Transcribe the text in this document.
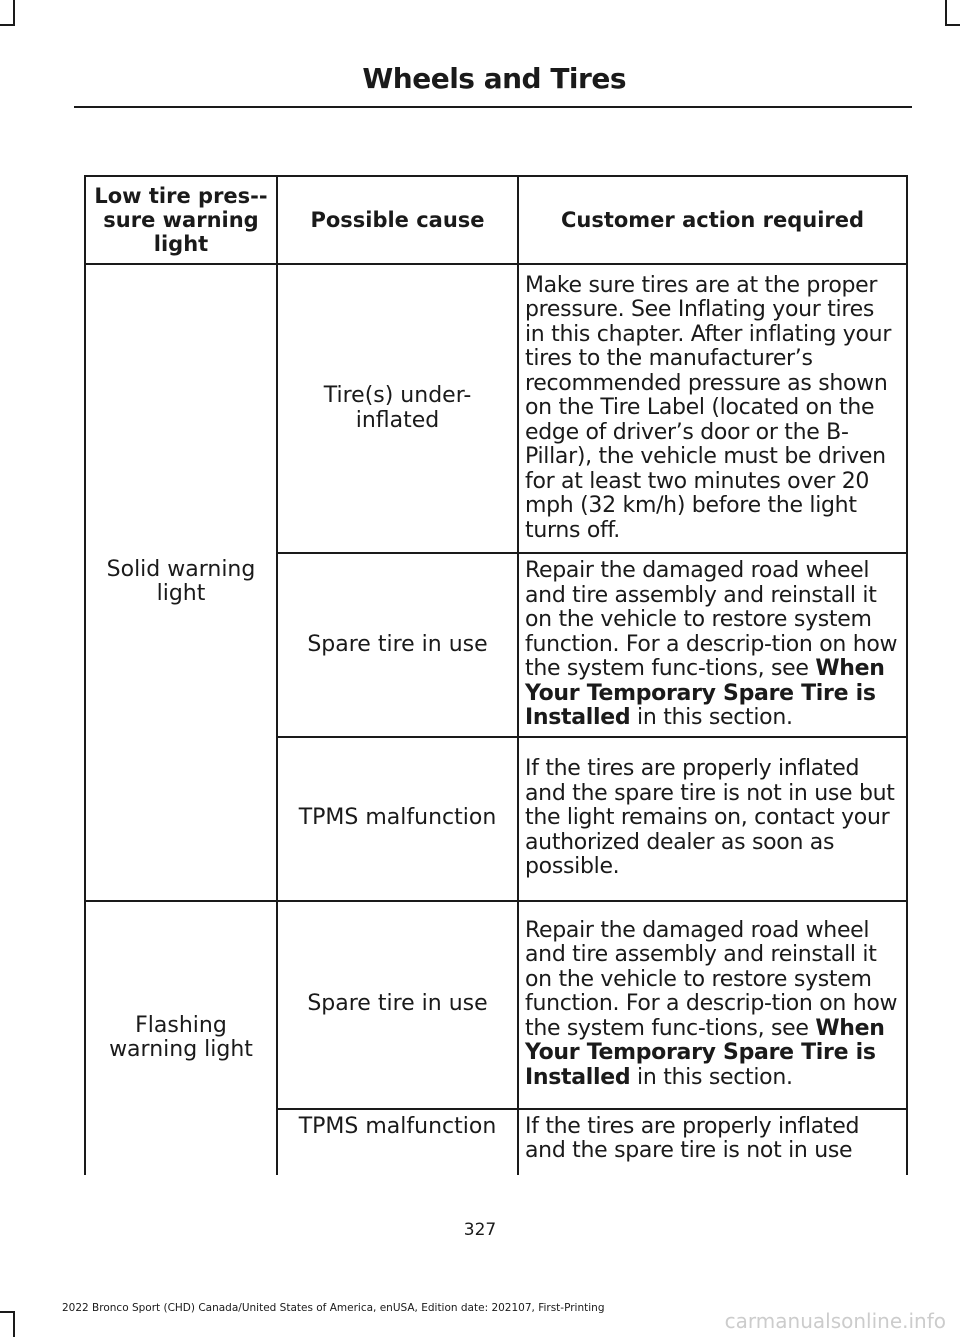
Wheels and Tires
Low tire pres-sure warning light	Possible cause	Customer action required
Solid warning light	Tire(s) under-inflated	Make sure tires are at the proper pressure. See Inflating your tires in this chapter. After inflating your tires to the manufacturer’s recommended pressure as shown on the Tire Label (located on the edge of driver’s door or the B-Pillar), the vehicle must be driven for at least two minutes over 20 mph (32 km/h) before the light turns off.
	Spare tire in use	Repair the damaged road wheel and tire assembly and reinstall it on the vehicle to restore system function. For a descrip-tion on how the system func-tions, see When Your Temporary Spare Tire is Installed in this section.
	TPMS malfunction	If the tires are properly inflated and the spare tire is not in use but the light remains on, contact your authorized dealer as soon as possible.
Flashing warning light	Spare tire in use	Repair the damaged road wheel and tire assembly and reinstall it on the vehicle to restore system function. For a descrip-tion on how the system func-tions, see When Your Temporary Spare Tire is Installed in this section.
	TPMS malfunction	If the tires are properly inflated and the spare tire is not in use
327
2022 Bronco Sport (CHD) Canada/United States of America, enUSA, Edition date: 202107, First-Printing
carmanualsonline.info
